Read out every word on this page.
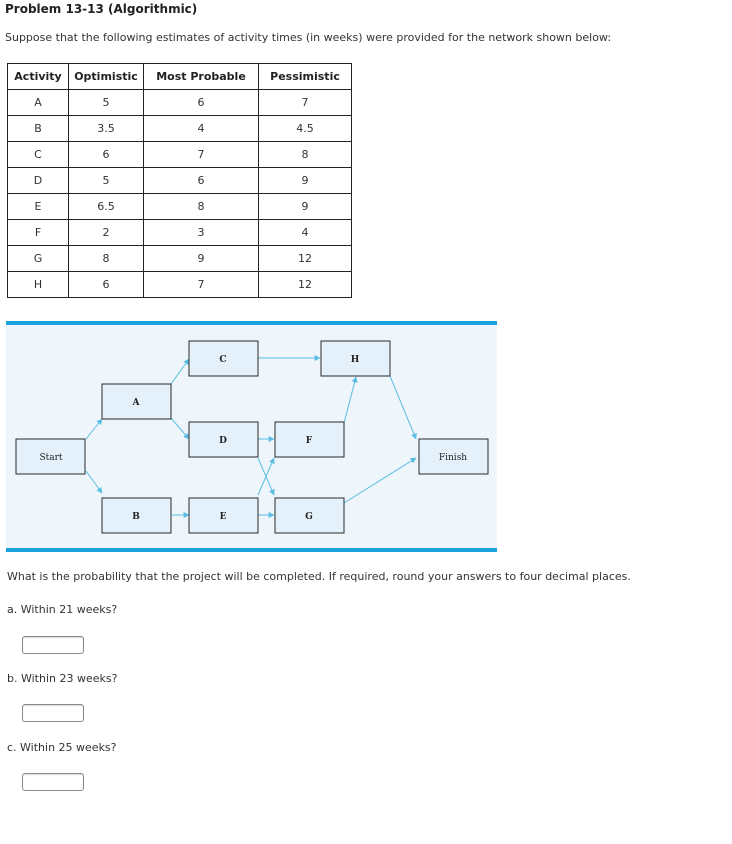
Problem 13-13 (Algorithmic)
Suppose that the following estimates of activity times (in weeks) were provided for the network shown below:
Activity	Optimistic	Most Probable	Pessimistic
A	5	6	7
B	3.5	4	4.5
C	6	7	8
D	5	6	9
E	6.5	8	9
F	2	3	4
G	8	9	12
H	6	7	12
Start
A
B
C
D
E
F
G
H
Finish
What is the probability that the project will be completed. If required, round your answers to four decimal places.
a. Within 21 weeks?
b. Within 23 weeks?
c. Within 25 weeks?
